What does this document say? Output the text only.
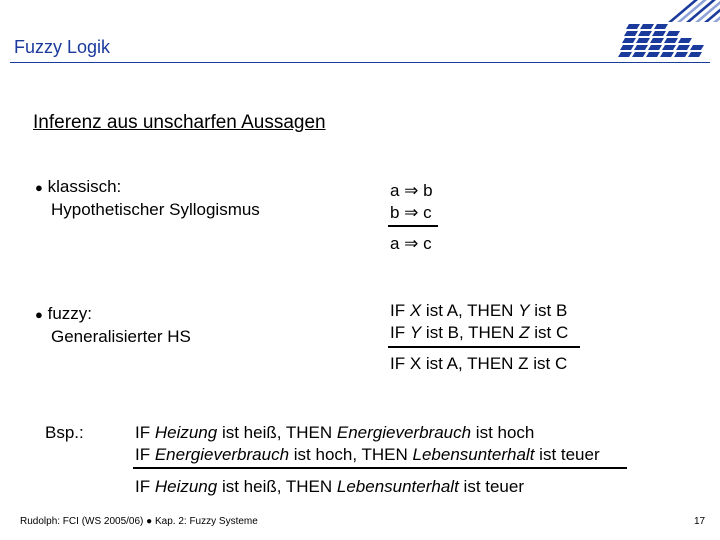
Fuzzy Logik
Inferenz aus unscharfen Aussagen
● klassisch:
Hypothetischer Syllogismus
a ⇒ b
b ⇒ c
a ⇒ c
● fuzzy:
Generalisierter HS
IF X ist A, THEN Y ist B
IF Y ist B, THEN Z ist C
IF X ist A, THEN Z ist C
Bsp.:	IF Heizung ist heiß, THEN Energieverbrauch ist hoch
IF Energieverbrauch ist hoch, THEN Lebensunterhalt ist teuer
IF Heizung ist heiß, THEN Lebensunterhalt ist teuer
Rudolph: FCI (WS 2005/06) ● Kap. 2: Fuzzy Systeme	17
